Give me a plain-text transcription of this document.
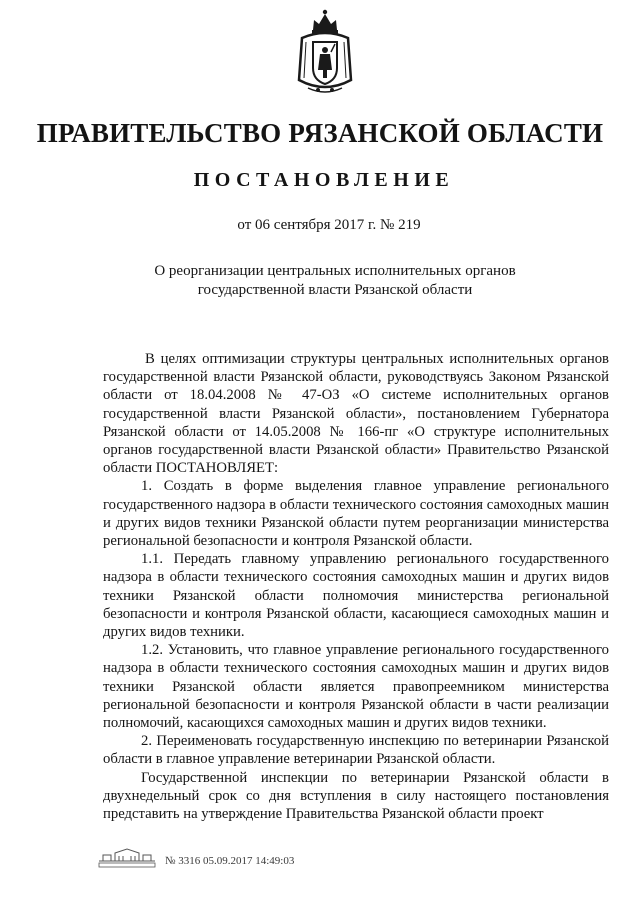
ПРАВИТЕЛЬСТВО РЯЗАНСКОЙ ОБЛАСТИ
ПОСТАНОВЛЕНИЕ
от 06 сентября 2017 г. № 219
О реорганизации центральных исполнительных органов
государственной власти Рязанской области

В целях оптимизации структуры центральных исполнительных органов государственной власти Рязанской области, руководствуясь Законом Рязанской области от 18.04.2008 № 47-ОЗ «О системе исполнительных органов государственной власти Рязанской области», постановлением Губернатора Рязанской области от 14.05.2008 № 166-пг «О структуре исполнительных органов государственной власти Рязанской области» Правительство Рязанской области ПОСТАНОВЛЯЕТ:

1. Создать в форме выделения главное управление регионального государственного надзора в области технического состояния самоходных машин и других видов техники Рязанской области путем реорганизации министерства региональной безопасности и контроля Рязанской области.

1.1. Передать главному управлению регионального государственного надзора в области технического состояния самоходных машин и других видов техники Рязанской области полномочия министерства региональной безопасности и контроля Рязанской области, касающиеся самоходных машин и других видов техники.

1.2. Установить, что главное управление регионального государственного надзора в области технического состояния самоходных машин и других видов техники Рязанской области является правопреемником министерства региональной безопасности и контроля Рязанской области в части реализации полномочий, касающихся самоходных машин и других видов техники.

2. Переименовать государственную инспекцию по ветеринарии Рязанской области в главное управление ветеринарии Рязанской области.

Государственной инспекции по ветеринарии Рязанской области в двухнедельный срок со дня вступления в силу настоящего постановления представить на утверждение Правительства Рязанской области проект

№ 3316 05.09.2017 14:49:03
